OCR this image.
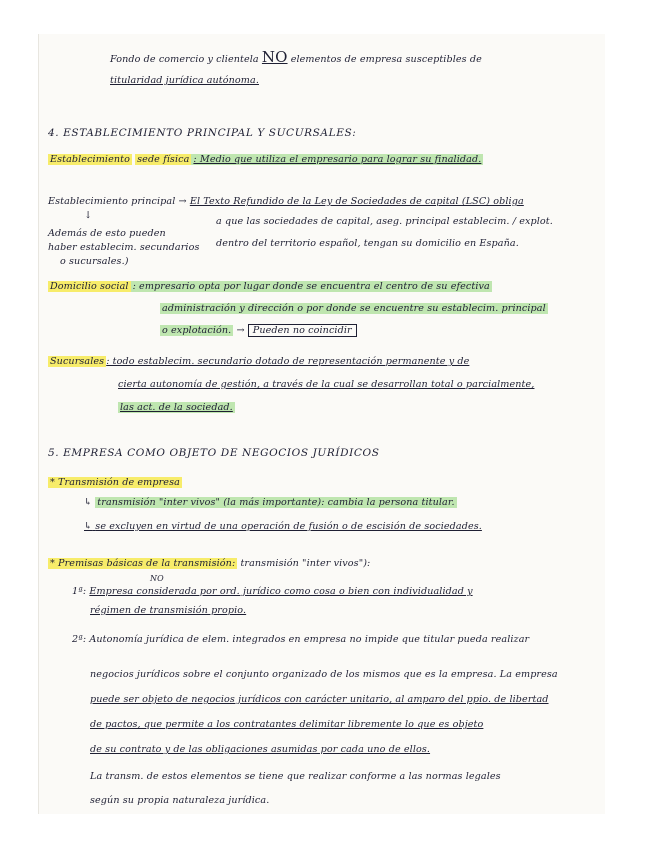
Fondo de comercio y clientela NO elementos de empresa susceptibles de
titularidad jurídica autónoma.
4. ESTABLECIMIENTO PRINCIPAL Y SUCURSALES:
Establecimiento sede física : Medio que utiliza el empresario para lograr su finalidad.
Establecimiento principal → El Texto Refundido de la Ley de Sociedades de capital (LSC) obliga
a que las sociedades de capital, aseg. principal establecim. / explot.
dentro del territorio español, tengan su domicilio en España.
↓
Además de esto pueden
haber establecim. secundarios
o sucursales.)
Domicilio social : empresario opta por lugar donde se encuentra el centro de su efectiva
administración y dirección o por donde se encuentre su establecim. principal
o explotación. → Pueden no coincidir
Sucursales : todo establecim. secundario dotado de representación permanente y de
cierta autonomía de gestión, a través de la cual se desarrollan total o parcialmente,
las act. de la sociedad.
5. EMPRESA COMO OBJETO DE NEGOCIOS JURÍDICOS
* Transmisión de empresa
↳ transmisión "inter vivos" (la más importante): cambia la persona titular.
↳ se excluyen en virtud de una operación de fusión o de escisión de sociedades.
* Premisas básicas de la transmisión: transmisión "inter vivos"):
NO
1ª: Empresa considerada por ord. jurídico como cosa o bien con individualidad y
régimen de transmisión propio.
2ª: Autonomía jurídica de elem. integrados en empresa no impide que titular pueda realizar
negocios jurídicos sobre el conjunto organizado de los mismos que es la empresa. La empresa
puede ser objeto de negocios jurídicos con carácter unitario, al amparo del ppio. de libertad
de pactos, que permite a los contratantes delimitar libremente lo que es objeto
de su contrato y de las obligaciones asumidas por cada uno de ellos.
La transm. de estos elementos se tiene que realizar conforme a las normas legales
según su propia naturaleza jurídica.
